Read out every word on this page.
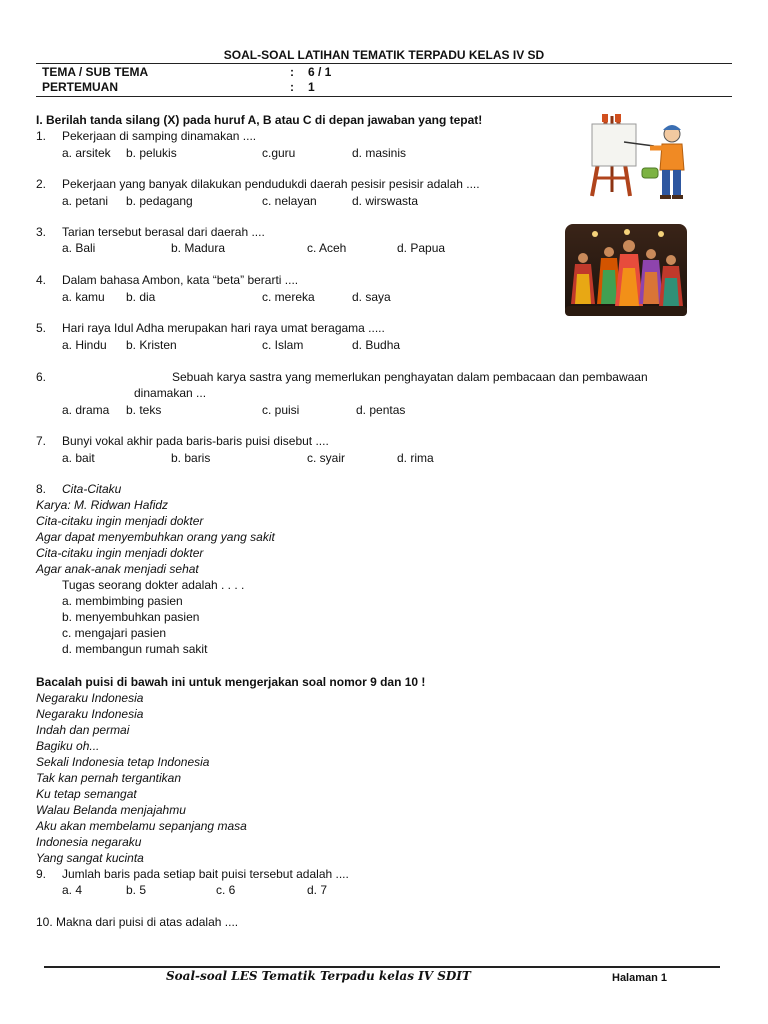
SOAL-SOAL LATIHAN TEMATIK TERPADU KELAS IV SD
TEMA / SUB TEMA	: 6 / 1
PERTEMUAN	: 1
I. Berilah tanda silang (X) pada huruf A, B atau C di depan jawaban yang tepat!
1. Pekerjaan di samping dinamakan ....
a. arsitek b. pelukis	c.guru	d. masinis
2. Pekerjaan yang banyak dilakukan pendudukdi daerah pesisir pesisir adalah ....
a. petani b. pedagang	c. nelayan	d. wirswasta
3. Tarian tersebut berasal dari daerah ....
a. Bali	b. Madura	c. Aceh	d. Papua
4. Dalam bahasa Ambon, kata “beta” berarti ....
a. kamu b. dia	c. mereka	d. saya
5. Hari raya Idul Adha merupakan hari raya umat beragama .....
a. Hindu b. Kristen	c. Islam	d. Budha
6.	Sebuah karya sastra yang memerlukan penghayatan dalam pembacaan dan pembawaan
dinamakan ...
a. drama b. teks	c. puisi	d. pentas
7. Bunyi vokal akhir pada baris-baris puisi disebut ....
a. bait	b. baris	c. syair	d. rima
8. Cita-Citaku
Karya: M. Ridwan Hafidz
Cita-citaku ingin menjadi dokter
Agar dapat menyembuhkan orang yang sakit
Cita-citaku ingin menjadi dokter
Agar anak-anak menjadi sehat
Tugas seorang dokter adalah . . . .
a. membimbing pasien
b. menyembuhkan pasien
c. mengajari pasien
d. membangun rumah sakit
Bacalah puisi di bawah ini untuk mengerjakan soal nomor 9 dan 10 !
Negaraku Indonesia
Negaraku Indonesia
Indah dan permai
Bagiku oh...
Sekali Indonesia tetap Indonesia
Tak kan pernah tergantikan
Ku tetap semangat
Walau Belanda menjajahmu
Aku akan membelamu sepanjang masa
Indonesia negaraku
Yang sangat kucinta
9. Jumlah baris pada setiap bait puisi tersebut adalah ....
a. 4	b. 5	c. 6	d. 7
10. Makna dari puisi di atas adalah ....
Soal-soal LES Tematik Terpadu kelas IV SDIT	Halaman 1
